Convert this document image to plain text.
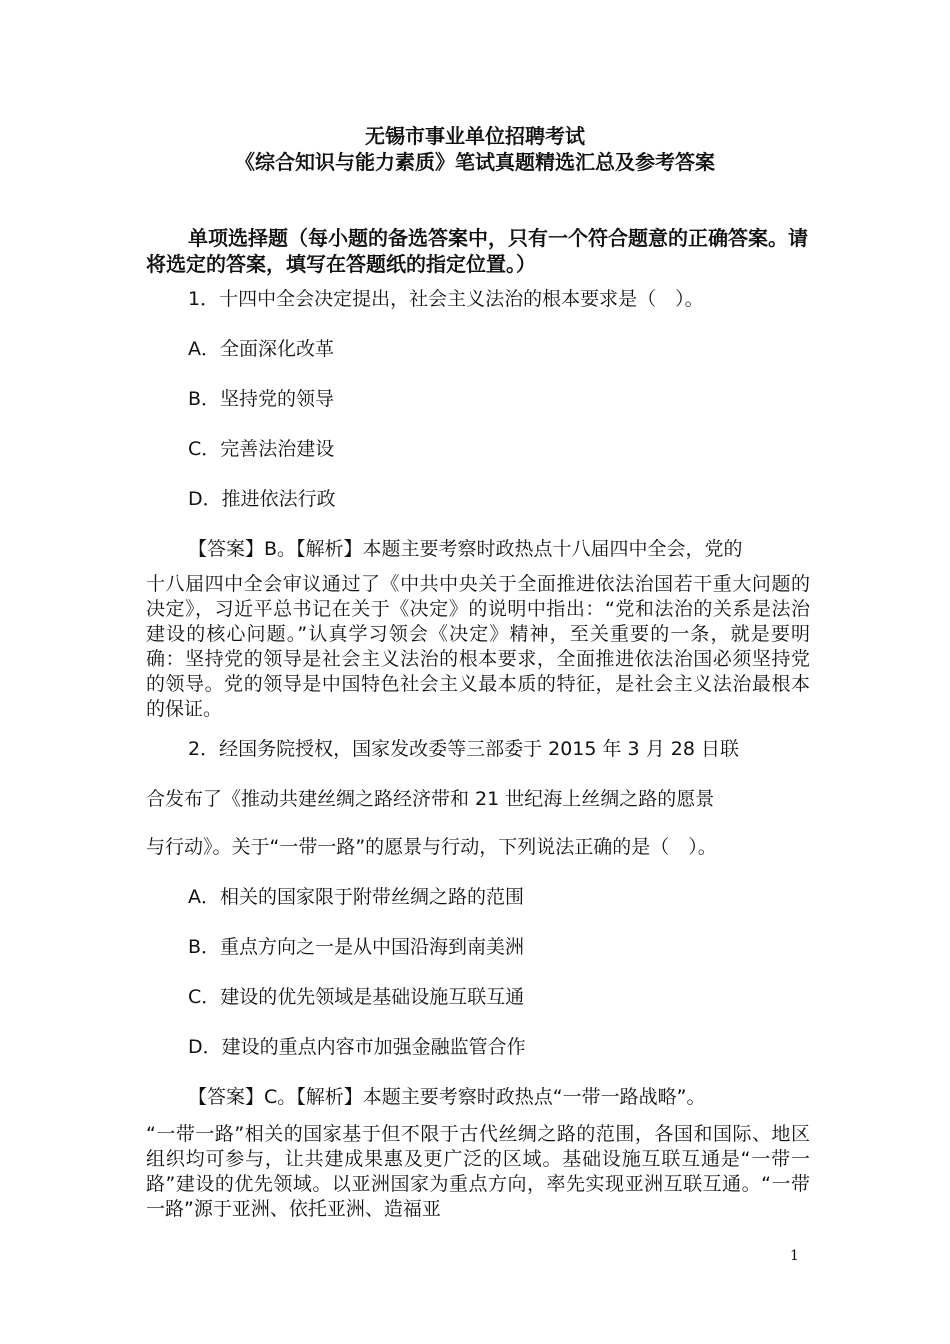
无锡市事业单位招聘考试
《综合知识与能力素质》笔试真题精选汇总及参考答案
单项选择题（每小题的备选答案中，只有一个符合题意的正确答案。请将选定的答案，填写在答题纸的指定位置。）
1．十四中全会决定提出，社会主义法治的根本要求是（　）。
A．全面深化改革
B．坚持党的领导
C．完善法治建设
D．推进依法行政
【答案】B。【解析】本题主要考察时政热点十八届四中全会，党的
十八届四中全会审议通过了《中共中央关于全面推进依法治国若干重大问题的决定》，习近平总书记在关于《决定》的说明中指出：“党和法治的关系是法治建设的核心问题。”认真学习领会《决定》精神，至关重要的一条，就是要明确：坚持党的领导是社会主义法治的根本要求，全面推进依法治国必须坚持党的领导。党的领导是中国特色社会主义最本质的特征，是社会主义法治最根本的保证。
2．经国务院授权，国家发改委等三部委于 2015 年 3 月 28 日联
合发布了《推动共建丝绸之路经济带和 21 世纪海上丝绸之路的愿景
与行动》。关于“一带一路”的愿景与行动，下列说法正确的是（　）。
A．相关的国家限于附带丝绸之路的范围
B．重点方向之一是从中国沿海到南美洲
C．建设的优先领域是基础设施互联互通
D．建设的重点内容市加强金融监管合作
【答案】C。【解析】本题主要考察时政热点“一带一路战略”。
“一带一路”相关的国家基于但不限于古代丝绸之路的范围，各国和国际、地区组织均可参与，让共建成果惠及更广泛的区域。基础设施互联互通是“一带一路”建设的优先领域。以亚洲国家为重点方向，率先实现亚洲互联互通。“一带一路”源于亚洲、依托亚洲、造福亚
1
